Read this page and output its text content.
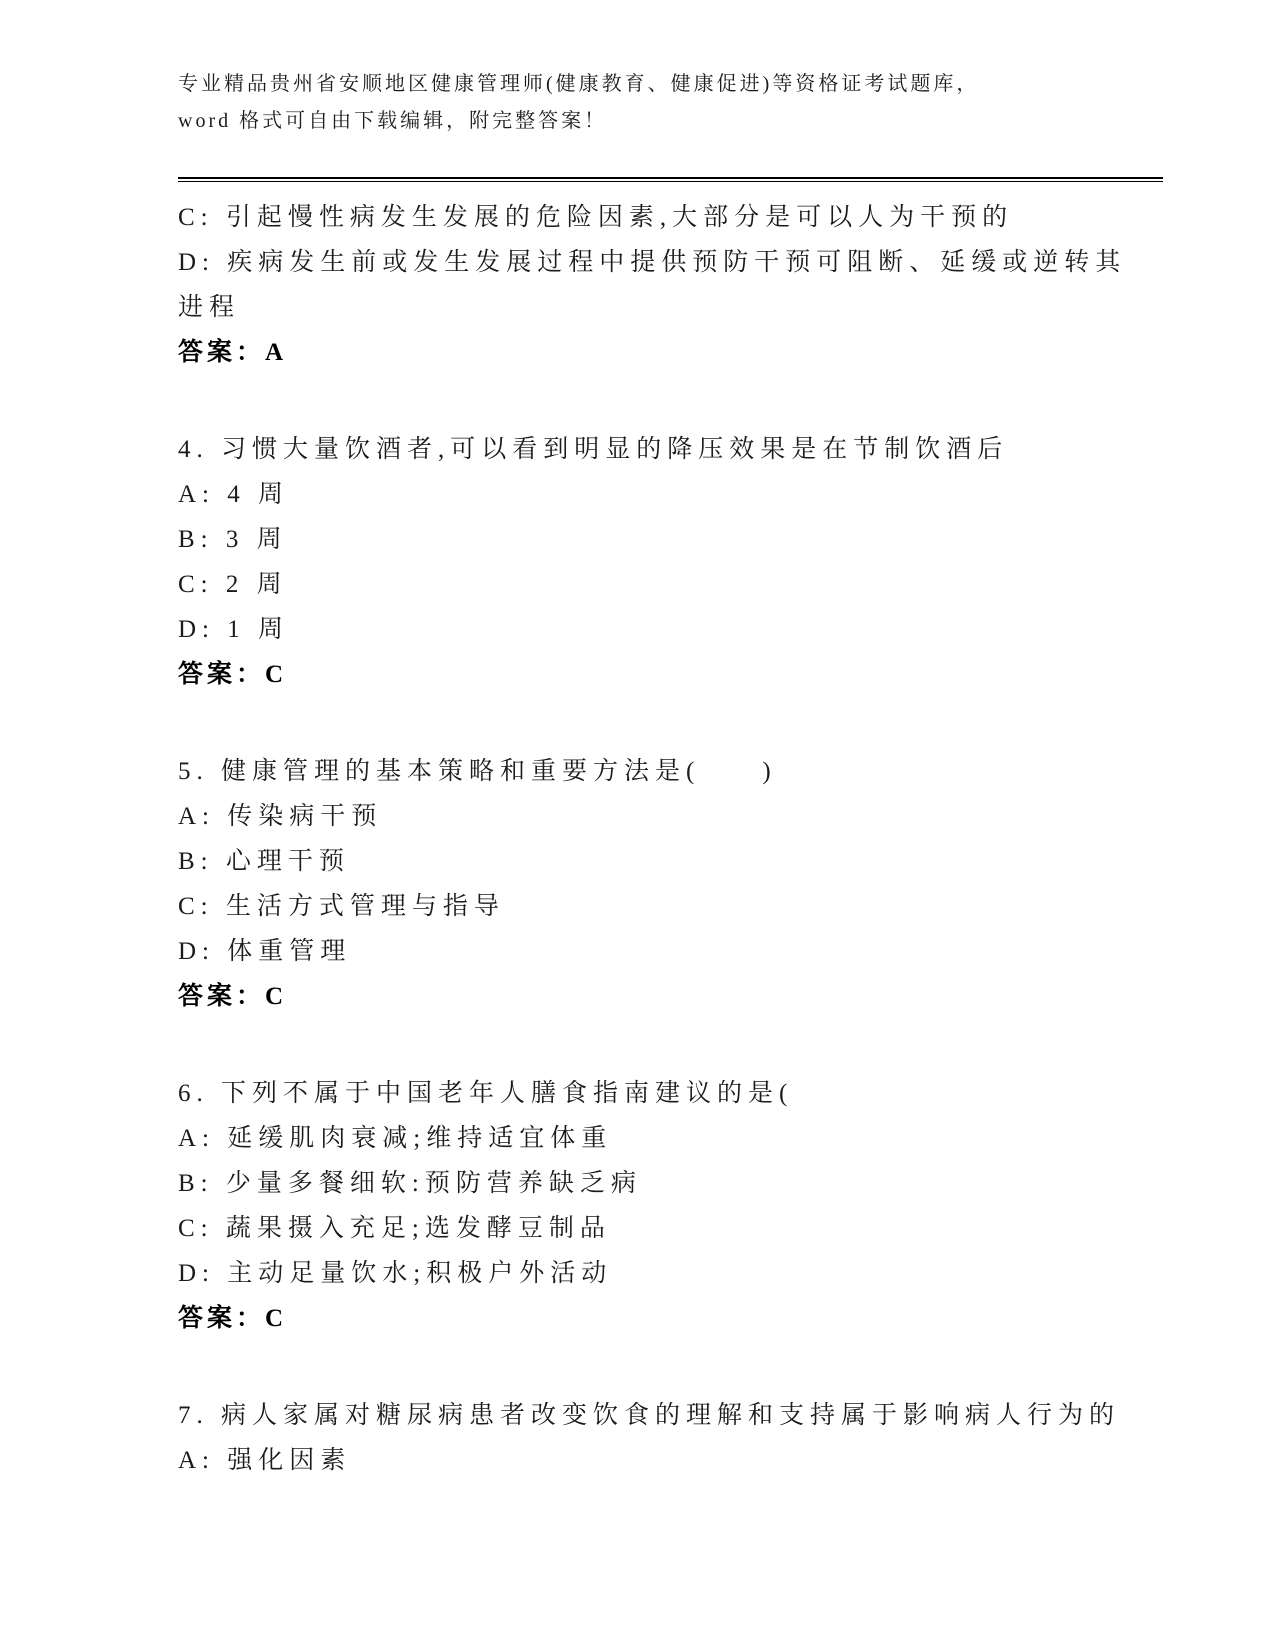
专业精品贵州省安顺地区健康管理师(健康教育、健康促进)等资格证考试题库，
word 格式可自由下载编辑，附完整答案！
C: 引起慢性病发生发展的危险因素,大部分是可以人为干预的
D: 疾病发生前或发生发展过程中提供预防干预可阻断、延缓或逆转其
进程
答案：A
4. 习惯大量饮酒者,可以看到明显的降压效果是在节制饮酒后
A: 4 周
B: 3 周
C: 2 周
D: 1 周
答案：C
5. 健康管理的基本策略和重要方法是(　　)
A: 传染病干预
B: 心理干预
C: 生活方式管理与指导
D: 体重管理
答案：C
6. 下列不属于中国老年人膳食指南建议的是(
A: 延缓肌肉衰减;维持适宜体重
B: 少量多餐细软:预防营养缺乏病
C: 蔬果摄入充足;选发酵豆制品
D: 主动足量饮水;积极户外活动
答案：C
7. 病人家属对糖尿病患者改变饮食的理解和支持属于影响病人行为的
A: 强化因素
